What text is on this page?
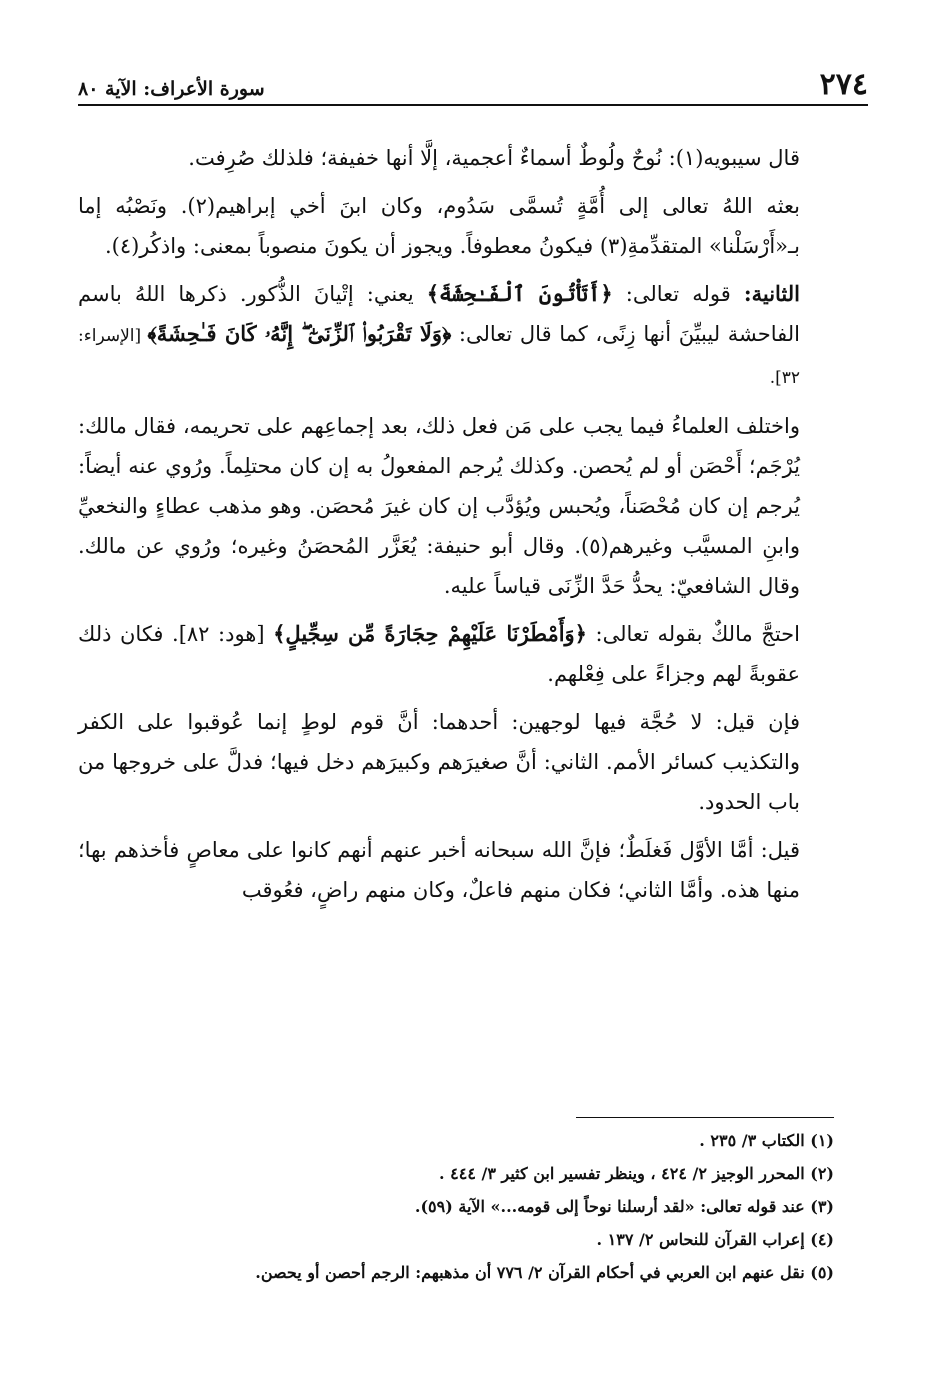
٢٧٤
سورة الأعراف: الآية ٨٠

قال سيبويه(١): نُوحٌ ولُوطٌ أسماءٌ أعجمية، إلَّا أنها خفيفة؛ فلذلك صُرِفت.

بعثه اللهُ تعالى إلى أُمَّةٍ تُسمَّى سَدُوم، وكان ابنَ أخي إبراهيم(٢). ونَصْبُه إما بـ«أَرْسَلْنا» المتقدِّمةِ(٣) فيكونُ معطوفاً. ويجوز أن يكونَ منصوباً بمعنى: واذكُر(٤).

الثانية: قوله تعالى: ﴿أَتَأْتُونَ ٱلْفَـٰحِشَةَ﴾ يعني: إتْيانَ الذُّكور. ذكرها اللهُ باسم الفاحشة ليبيِّنَ أنها زِنًى، كما قال تعالى: ﴿وَلَا تَقْرَبُوا۟ ٱلزِّنَىٰٓ ۖ إِنَّهُۥ كَانَ فَـٰحِشَةً﴾ [الإسراء: ٣٢].

واختلف العلماءُ فيما يجب على مَن فعل ذلك، بعد إجماعِهم على تحريمه، فقال مالك: يُرْجَم؛ أَحْصَن أو لم يُحصن. وكذلك يُرجم المفعولُ به إن كان محتلِماً. ورُوي عنه أيضاً: يُرجم إن كان مُحْصَناً، ويُحبس ويُؤدَّب إن كان غيرَ مُحصَن. وهو مذهب عطاءٍ والنخعيِّ وابنِ المسيَّب وغيرهم(٥). وقال أبو حنيفة: يُعَزَّر المُحصَنُ وغيره؛ ورُوي عن مالك. وقال الشافعيّ: يحدُّ حَدَّ الزِّنَى قياساً عليه.

احتجَّ مالكٌ بقوله تعالى: ﴿وَأَمْطَرْنَا عَلَيْهِمْ حِجَارَةً مِّن سِجِّيلٍ﴾ [هود: ٨٢]. فكان ذلك عقوبةً لهم وجزاءً على فِعْلهم.

فإن قيل: لا حُجَّة فيها لوجهين: أحدهما: أنَّ قوم لوطٍ إنما عُوقبوا على الكفر والتكذيب كسائر الأمم. الثاني: أنَّ صغيرَهم وكبيرَهم دخل فيها؛ فدلَّ على خروجها من باب الحدود.

قيل: أمَّا الأوَّل فَغلَطٌ؛ فإنَّ الله سبحانه أخبر عنهم أنهم كانوا على معاصٍ فأخذهم بها؛ منها هذه. وأمَّا الثاني؛ فكان منهم فاعلٌ، وكان منهم راضٍ، فعُوقب

(١) الكتاب ٣/ ٢٣٥ .
(٢) المحرر الوجيز ٢/ ٤٢٤ ، وينظر تفسير ابن كثير ٣/ ٤٤٤ .
(٣) عند قوله تعالى: «لقد أرسلنا نوحاً إلى قومه...» الآية (٥٩).
(٤) إعراب القرآن للنحاس ٢/ ١٣٧ .
(٥) نقل عنهم ابن العربي في أحكام القرآن ٢/ ٧٧٦ أن مذهبهم: الرجم أحصن أو يحصن.
